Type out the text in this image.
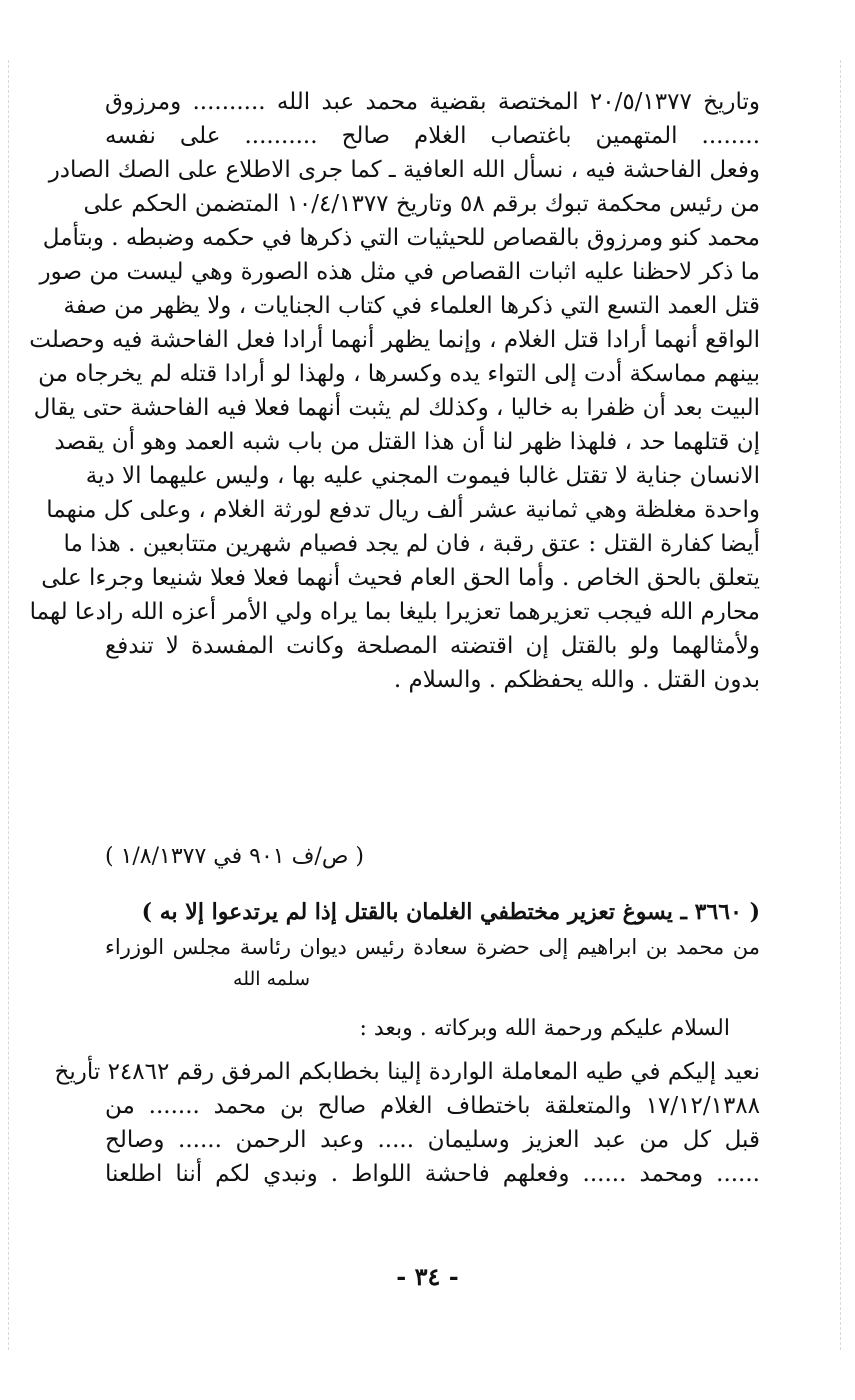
وتاريخ ٢٠/٥/١٣٧٧ المختصة بقضية محمد عبد الله .......... ومرزوق
........ المتهمين باغتصاب الغلام صالح .......... على نفسه
وفعل الفاحشة فيه ، نسأل الله العافية ـ كما جرى الاطلاع على الصك الصادر
من رئيس محكمة تبوك برقم ٥٨ وتاريخ ١٠/٤/١٣٧٧ المتضمن الحكم على
محمد كنو ومرزوق بالقصاص للحيثيات التي ذكرها في حكمه وضبطه . وبتأمل
ما ذكر لاحظنا عليه اثبات القصاص في مثل هذه الصورة وهي ليست من صور
قتل العمد التسع التي ذكرها العلماء في كتاب الجنايات ، ولا يظهر من صفة
الواقع أنهما أرادا قتل الغلام ، وإنما يظهر أنهما أرادا فعل الفاحشة فيه وحصلت
بينهم مماسكة أدت إلى التواء يده وكسرها ، ولهذا لو أرادا قتله لم يخرجاه من
البيت بعد أن ظفرا به خاليا ، وكذلك لم يثبت أنهما فعلا فيه الفاحشة حتى يقال
إن قتلهما حد ، فلهذا ظهر لنا أن هذا القتل من باب شبه العمد وهو أن يقصد
الانسان جناية لا تقتل غالبا فيموت المجني عليه بها ، وليس عليهما الا دية
واحدة مغلظة وهي ثمانية عشر ألف ريال تدفع لورثة الغلام ، وعلى كل منهما
أيضا كفارة القتل : عتق رقبة ، فان لم يجد فصيام شهرين متتابعين . هذا ما
يتعلق بالحق الخاص . وأما الحق العام فحيث أنهما فعلا فعلا شنيعا وجرءا على
محارم الله فيجب تعزيرهما تعزيرا بليغا بما يراه ولي الأمر أعزه الله رادعا لهما
ولأمثالهما ولو بالقتل إن اقتضته المصلحة وكانت المفسدة لا تندفع
بدون القتل . والله يحفظكم . والسلام .
( ص/ف ٩٠١ في ١/٨/١٣٧٧ )
( ٣٦٦٠ ـ يسوغ تعزير مختطفي الغلمان بالقتل إذا لم يرتدعوا إلا به )
من محمد بن ابراهيم إلى حضرة سعادة رئيس ديوان رئاسة مجلس الوزراء
سلمه الله
السلام عليكم ورحمة الله وبركاته . وبعد :
نعيد إليكم في طيه المعاملة الواردة إلينا بخطابكم المرفق رقم ٢٤٨٦٢ تأريخ
١٧/١٢/١٣٨٨ والمتعلقة باختطاف الغلام صالح بن محمد ....... من
قبل كل من عبد العزيز وسليمان ..... وعبد الرحمن ...... وصالح
...... ومحمد ...... وفعلهم فاحشة اللواط . ونبدي لكم أننا اطلعنا
- ٣٤ -
